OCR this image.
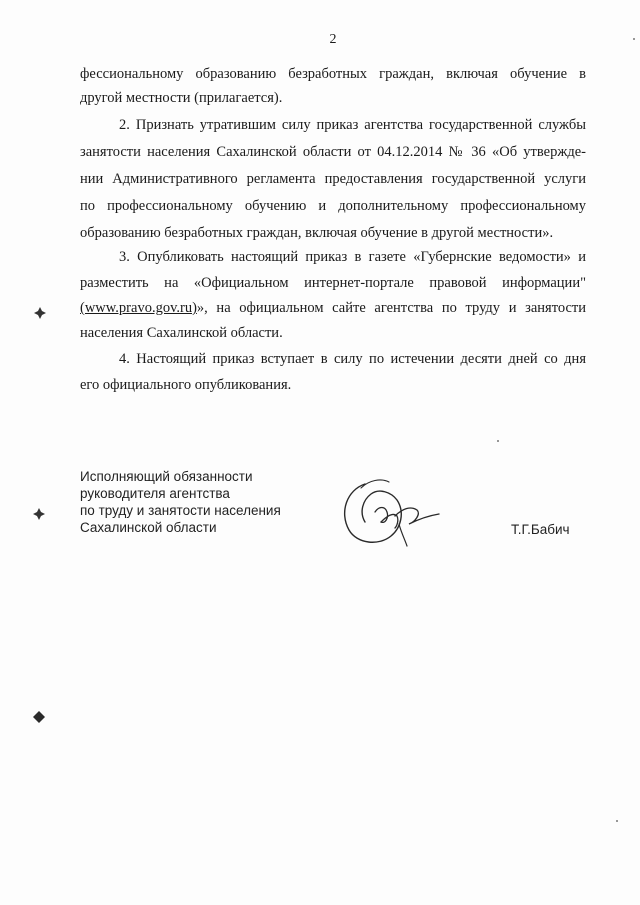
2
фессиональному образованию безработных граждан, включая обучение в
другой местности (прилагается).
2. Признать утратившим силу приказ агентства государственной службы
занятости населения Сахалинской области от 04.12.2014 № 36 «Об утвержде-
нии Административного регламента предоставления государственной услуги
по профессиональному обучению и дополнительному профессиональному
образованию безработных граждан, включая обучение в другой местности».
3. Опубликовать настоящий приказ в газете «Губернские ведомости» и
разместить на «Официальном интернет-портале правовой информации"
(www.pravo.gov.ru)», на официальном сайте агентства по труду и занятости
населения Сахалинской области.
4. Настоящий приказ вступает в силу по истечении десяти дней со дня
его официального опубликования.
Исполняющий обязанности
руководителя агентства
по труду и занятости населения
Сахалинской области	Т.Г.Бабич
